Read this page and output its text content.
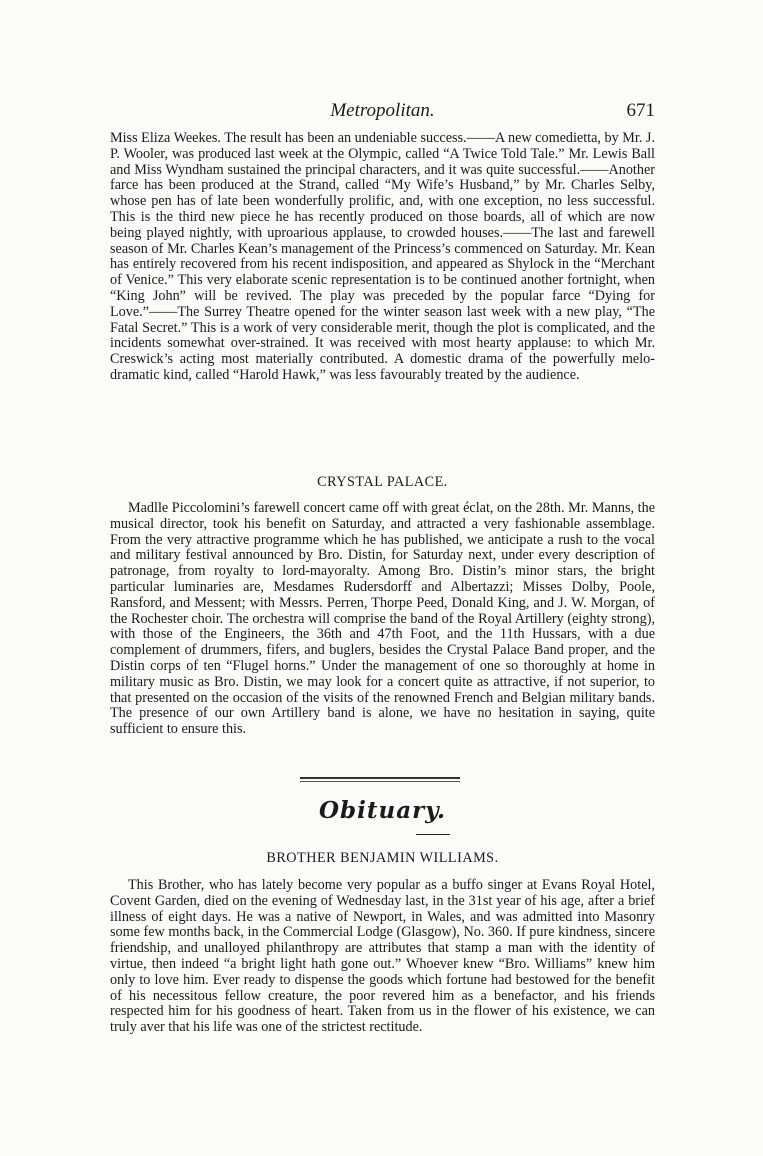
Metropolitan.	671

Miss Eliza Weekes. The result has been an undeniable success.——A new comedietta, by Mr. J. P. Wooler, was produced last week at the Olympic, called “A Twice Told Tale.” Mr. Lewis Ball and Miss Wyndham sustained the principal characters, and it was quite successful.——Another farce has been produced at the Strand, called “My Wife’s Husband,” by Mr. Charles Selby, whose pen has of late been wonderfully prolific, and, with one exception, no less successful. This is the third new piece he has recently produced on those boards, all of which are now being played nightly, with uproarious applause, to crowded houses.——The last and farewell season of Mr. Charles Kean’s management of the Princess’s commenced on Saturday. Mr. Kean has entirely recovered from his recent indisposition, and appeared as Shylock in the “Merchant of Venice.” This very elaborate scenic representation is to be continued another fortnight, when “King John” will be revived. The play was preceded by the popular farce “Dying for Love.”——The Surrey Theatre opened for the winter season last week with a new play, “The Fatal Secret.” This is a work of very considerable merit, though the plot is complicated, and the incidents somewhat over-strained. It was received with most hearty applause: to which Mr. Creswick’s acting most materially contributed. A domestic drama of the powerfully melo-dramatic kind, called “Harold Hawk,” was less favourably treated by the audience.

CRYSTAL PALACE.

Madlle Piccolomini’s farewell concert came off with great éclat, on the 28th. Mr. Manns, the musical director, took his benefit on Saturday, and attracted a very fashionable assemblage. From the very attractive programme which he has published, we anticipate a rush to the vocal and military festival announced by Bro. Distin, for Saturday next, under every description of patronage, from royalty to lord-mayoralty. Among Bro. Distin’s minor stars, the bright particular luminaries are, Mesdames Rudersdorff and Albertazzi; Misses Dolby, Poole, Ransford, and Messent; with Messrs. Perren, Thorpe Peed, Donald King, and J. W. Morgan, of the Rochester choir. The orchestra will comprise the band of the Royal Artillery (eighty strong), with those of the Engineers, the 36th and 47th Foot, and the 11th Hussars, with a due complement of drummers, fifers, and buglers, besides the Crystal Palace Band proper, and the Distin corps of ten “Flugel horns.” Under the management of one so thoroughly at home in military music as Bro. Distin, we may look for a concert quite as attractive, if not superior, to that presented on the occasion of the visits of the renowned French and Belgian military bands. The presence of our own Artillery band is alone, we have no hesitation in saying, quite sufficient to ensure this.

Obituary.
BROTHER BENJAMIN WILLIAMS.

This Brother, who has lately become very popular as a buffo singer at Evans Royal Hotel, Covent Garden, died on the evening of Wednesday last, in the 31st year of his age, after a brief illness of eight days. He was a native of Newport, in Wales, and was admitted into Masonry some few months back, in the Commercial Lodge (Glasgow), No. 360. If pure kindness, sincere friendship, and unalloyed philanthropy are attributes that stamp a man with the identity of virtue, then indeed “a bright light hath gone out.” Whoever knew “Bro. Williams” knew him only to love him. Ever ready to dispense the goods which fortune had bestowed for the benefit of his necessitous fellow creature, the poor revered him as a benefactor, and his friends respected him for his goodness of heart. Taken from us in the flower of his existence, we can truly aver that his life was one of the strictest rectitude.
